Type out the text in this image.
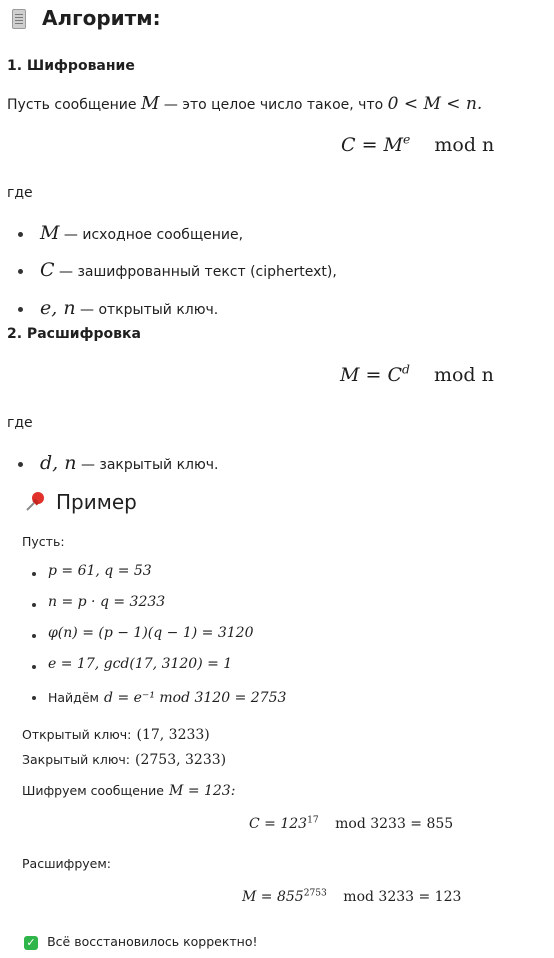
Алгоритм:
1. Шифрование
Пусть сообщение M — это целое число такое, что 0 < M < n.
$C = M^e$ mod n
где
M — исходное сообщение,
C — зашифрованный текст (ciphertext),
e, n — открытый ключ.
2. Расшифровка
$M = C^d$ mod n
где
d, n — закрытый ключ.
Пример
Пусть:
p = 61, q = 53
n = p · q = 3233
φ(n) = (p − 1)(q − 1) = 3120
e = 17, gcd(17, 3120) = 1
Найдём d = e⁻¹ mod 3120 = 2753
Открытый ключ: (17, 3233)
Закрытый ключ: (2753, 3233)
Шифруем сообщение M = 123:
$C = 123^{17}$ mod 3233 = 855
Расшифруем:
$M = 855^{2753}$ mod 3233 = 123
✓ Всё восстановилось корректно!
